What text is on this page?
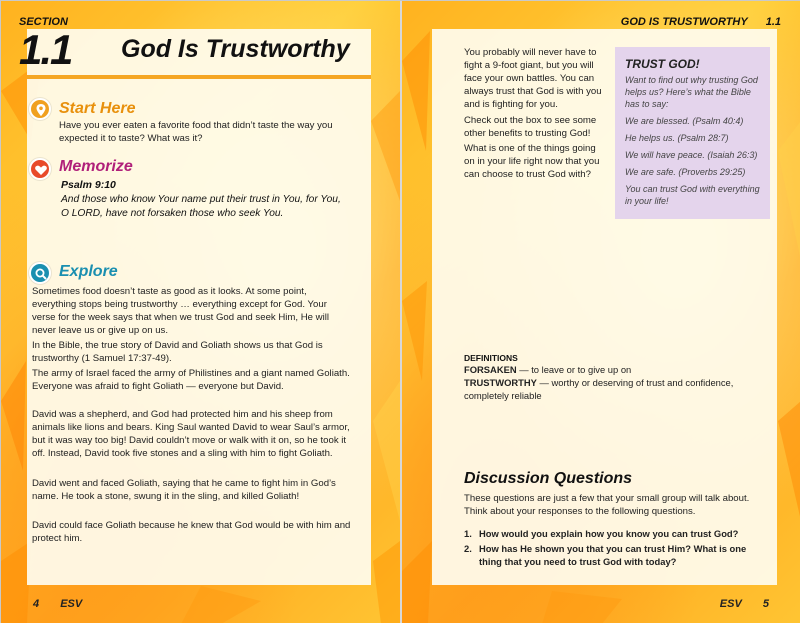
SECTION
1.1 God Is Trustworthy
Start Here
Have you ever eaten a favorite food that didn’t taste the way you expected it to taste? What was it?
Memorize
Psalm 9:10
And those who know Your name put their trust in You, for You, O LORD, have not forsaken those who seek You.
Explore
Sometimes food doesn’t taste as good as it looks. At some point, everything stops being trustworthy … everything except for God. Your verse for the week says that when we trust God and seek Him, He will never leave us or give up on us.
In the Bible, the true story of David and Goliath shows us that God is trustworthy (1 Samuel 17:37-49).
The army of Israel faced the army of Philistines and a giant named Goliath. Everyone was afraid to fight Goliath — everyone but David.
David was a shepherd, and God had protected him and his sheep from animals like lions and bears. King Saul wanted David to wear Saul’s armor, but it was way too big! David couldn’t move or walk with it on, so he took it off. Instead, David took five stones and a sling with him to fight Goliath.
David went and faced Goliath, saying that he came to fight him in God’s name. He took a stone, swung it in the sling, and killed Goliath!
David could face Goliath because he knew that God would be with him and protect him.
4 ESV
GOD IS TRUSTWORTHY 1.1
You probably will never have to fight a 9-foot giant, but you will face your own battles. You can always trust that God is with you and is fighting for you.
Check out the box to see some other benefits to trusting God!
What is one of the things going on in your life right now that you can choose to trust God with?
TRUST GOD!
Want to find out why trusting God helps us? Here’s what the Bible has to say:
We are blessed. (Psalm 40:4)
He helps us. (Psalm 28:7)
We will have peace. (Isaiah 26:3)
We are safe. (Proverbs 29:25)
You can trust God with everything in your life!
DEFINITIONS
FORSAKEN — to leave or to give up on
TRUSTWORTHY — worthy or deserving of trust and confidence, completely reliable
Discussion Questions
These questions are just a few that your small group will talk about. Think about your responses to the following questions.
1. How would you explain how you know you can trust God?
2. How has He shown you that you can trust Him? What is one thing that you need to trust God with today?
ESV 5
